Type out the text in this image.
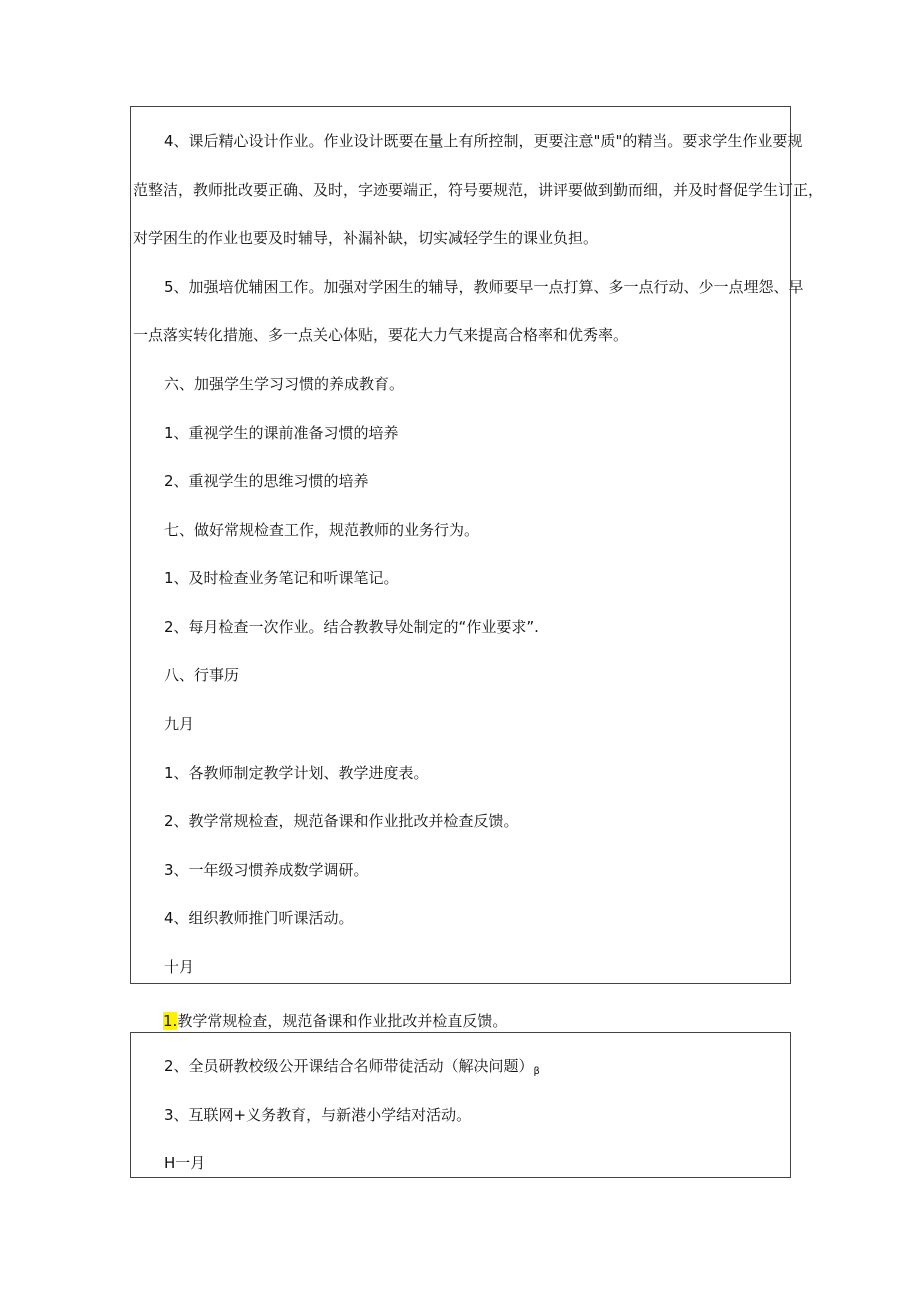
4、课后精心设计作业。作业设计既要在量上有所控制，更要注意"质"的精当。要求学生作业要规
范整洁，教师批改要正确、及时，字迹要端正，符号要规范，讲评要做到勤而细，并及时督促学生订正，
对学困生的作业也要及时辅导，补漏补缺，切实减轻学生的课业负担。
5、加强培优辅困工作。加强对学困生的辅导，教师要早一点打算、多一点行动、少一点埋怨、早
一点落实转化措施、多一点关心体贴，要花大力气来提高合格率和优秀率。
六、加强学生学习习惯的养成教育。
1、重视学生的课前准备习惯的培养
2、重视学生的思维习惯的培养
七、做好常规检查工作，规范教师的业务行为。
1、及时检查业务笔记和听课笔记。
2、每月检查一次作业。结合教教导处制定的“作业要求”.
八、行事历
九月
1、各教师制定教学计划、教学进度表。
2、教学常规检查，规范备课和作业批改并检查反馈。
3、一年级习惯养成数学调研。
4、组织教师推门听课活动。
十月
1.教学常规检查，规范备课和作业批改并检直反馈。
2、全员研教校级公开课结合名师带徒活动（解决问题）$_\beta$
3、互联网+义务教育，与新港小学结对活动。
H一月
